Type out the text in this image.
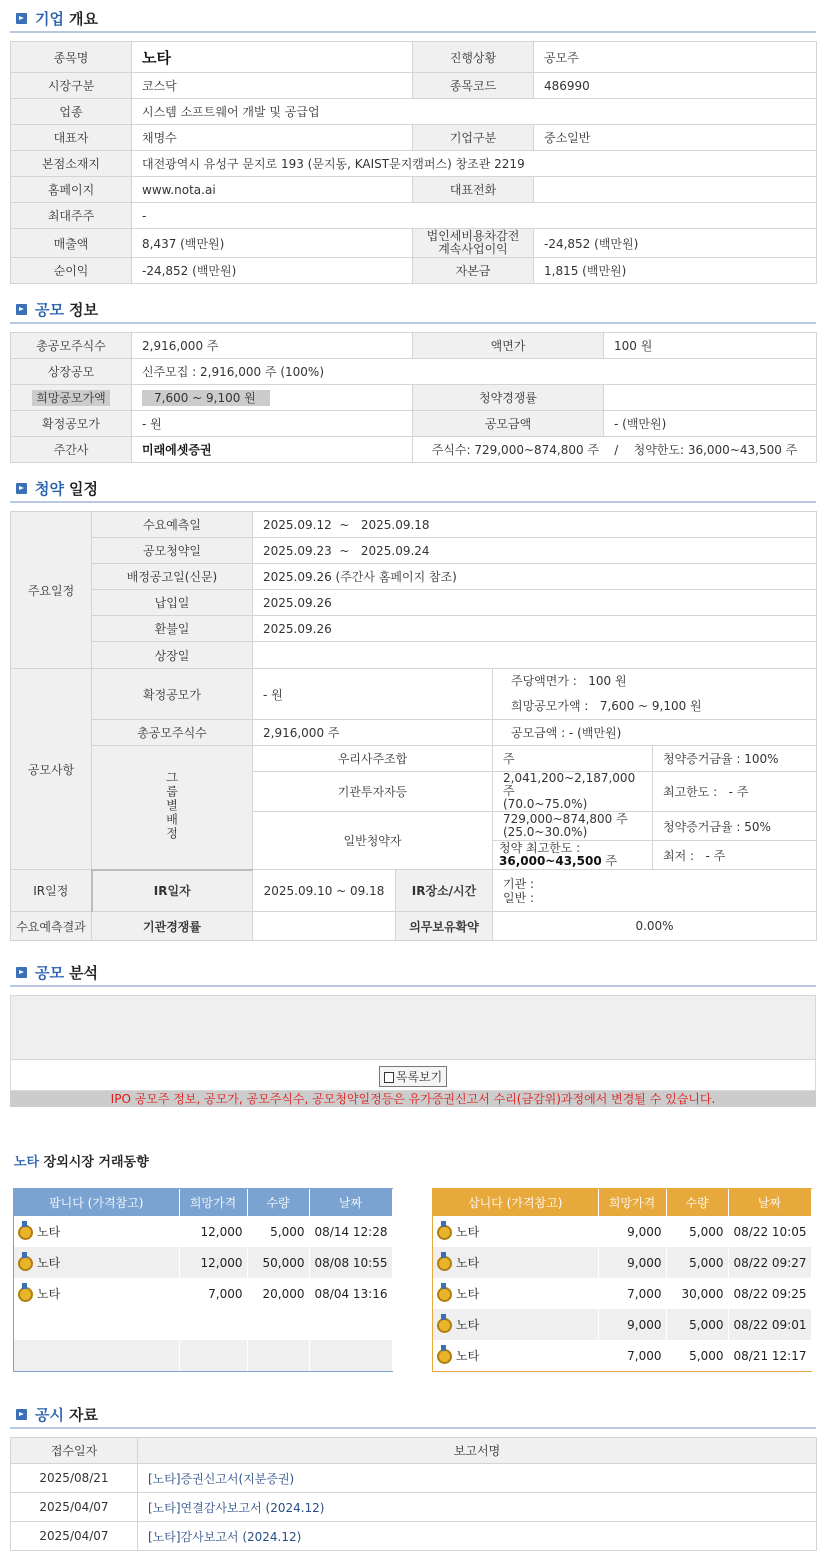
기업 개요
종목명	노타	진행상황	공모주
시장구분	코스닥	종목코드	486990
업종	시스템 소프트웨어 개발 및 공급업		
대표자	채명수	기업구분	중소일반
본점소재지	대전광역시 유성구 문지로 193 (문지동, KAIST문지캠퍼스) 창조관 2219		
홈페이지	www.nota.ai	대표전화	
최대주주	-		
매출액	8,437 (백만원)	법인세비용차감전
계속사업이익	-24,852 (백만원)
순이익	-24,852 (백만원)	자본금	1,815 (백만원)
공모 정보
총공모주식수	2,916,000 주	액면가	100 원
상장공모	신주모집 : 2,916,000 주 (100%)		
희망공모가액	7,600 ~ 9,100 원	청약경쟁률	
확정공모가	- 원	공모금액	- (백만원)
주간사	미래에셋증권	주식수: 729,000~874,800 주    /    청약한도: 36,000~43,500 주	
청약 일정
주요일정	수요예측일	2025.09.12  ~   2025.09.18			
	공모청약일	2025.09.23  ~   2025.09.24			
	배정공고일(신문)	2025.09.26 (주간사 홈페이지 참조)			
	납입일	2025.09.26			
	환불일	2025.09.26			
	상장일				
공모사항	확정공모가	- 원		주당액면가 :   100 원
희망공모가액 :   7,600 ~ 9,100 원	

	총공모주식수	2,916,000 주		공모금액 : - (백만원)	
	그룹별배정	우리사주조합		주	청약증거금율 : 100%
		기관투자자등		2,041,200~2,187,000 주
(70.0~75.0%)	최고한도 :   - 주
		일반청약자		729,000~874,800 주
(25.0~30.0%)	청약증거금율 : 50%

				청약 최고한도 :
36,000~43,500 주	최저 :   - 주
IR일정	IR일자	2025.09.10 ~ 09.18	IR장소/시간	기관 :
일반 :	

수요예측결과	기관경쟁률		의무보유확약	0.00%	
공모 분석
목록보기
IPO 공모주 정보, 공모가, 공모주식수, 공모청약일정등은 유가증권신고서 수리(금감위)과정에서 변경될 수 있습니다.
노타 장외시장 거래동향
팝니다 (가격참고)	희망가격	수량	날짜
노타	12,000	5,000	08/14 12:28
노타	12,000	50,000	08/08 10:55
노타	7,000	20,000	08/04 13:16

삽니다 (가격참고)	희망가격	수량	날짜
노타	9,000	5,000	08/22 10:05
노타	9,000	5,000	08/22 09:27
노타	7,000	30,000	08/22 09:25
노타	9,000	5,000	08/22 09:01
노타	7,000	5,000	08/21 12:17
공시 자료
접수일자	보고서명
2025/08/21	[노타]증권신고서(지분증권)
2025/04/07	[노타]연결감사보고서 (2024.12)
2025/04/07	[노타]감사보고서 (2024.12)
